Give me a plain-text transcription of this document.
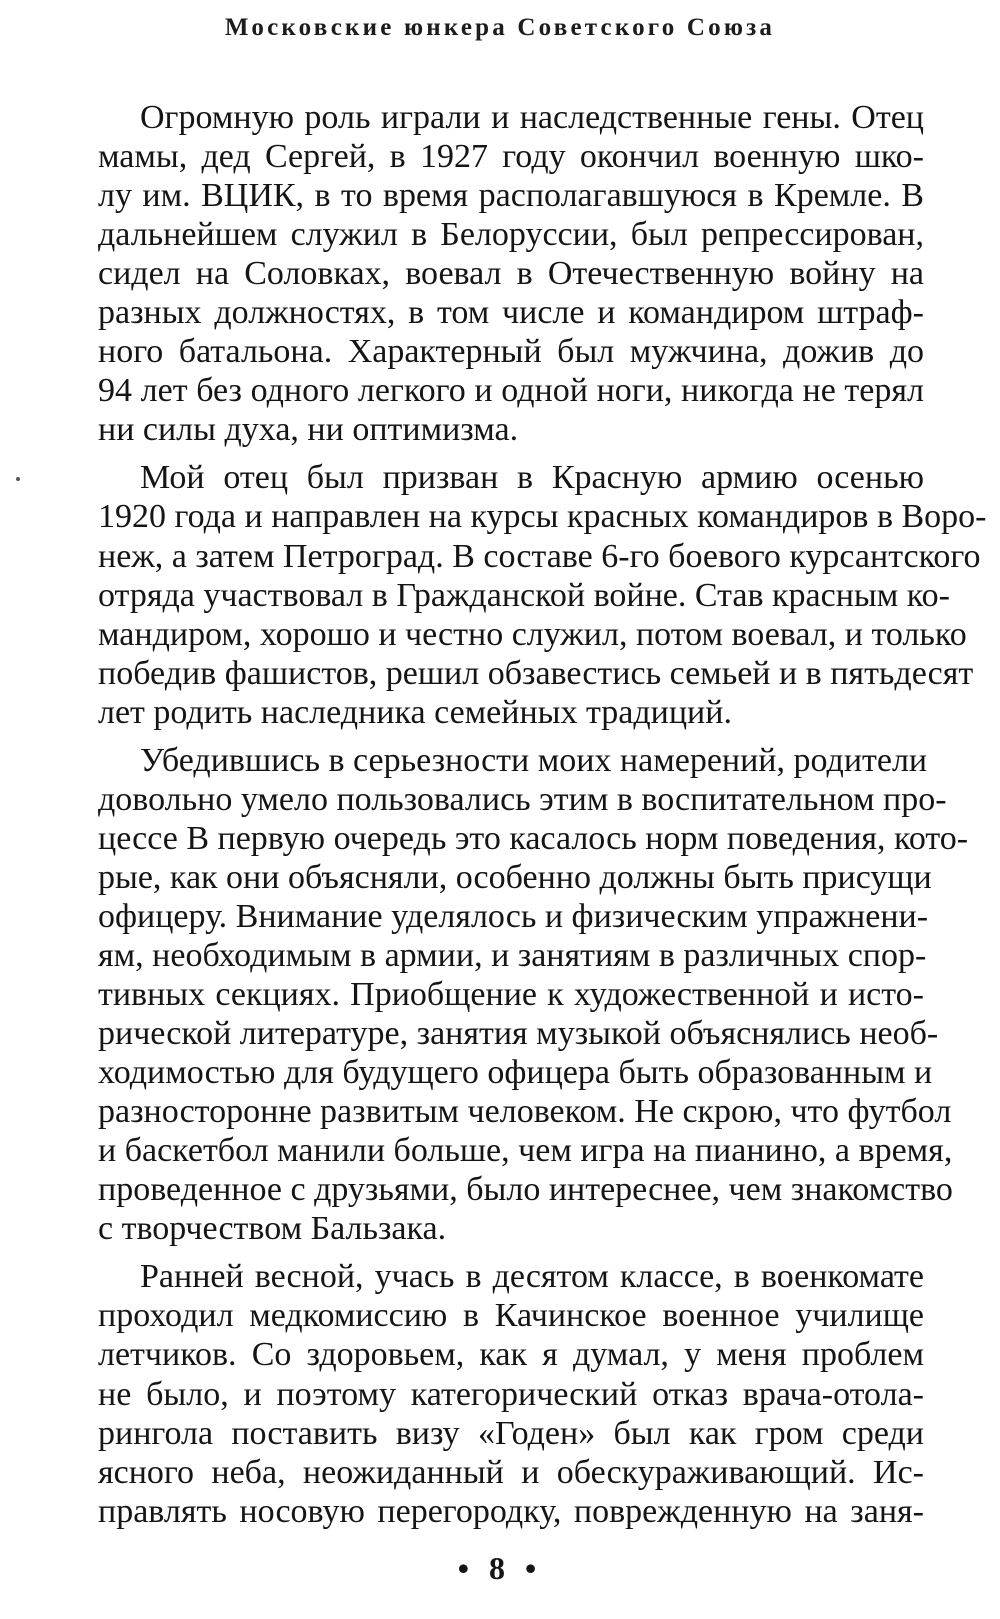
Московские юнкера Советского Союза

Огромную роль играли и наследственные гены. Отец
мамы, дед Сергей, в 1927 году окончил военную шко-
лу им. ВЦИК, в то время располагавшуюся в Кремле. В
дальнейшем служил в Белоруссии, был репрессирован,
сидел на Соловках, воевал в Отечественную войну на
разных должностях, в том числе и командиром штраф-
ного батальона. Характерный был мужчина, дожив до
94 лет без одного легкого и одной ноги, никогда не терял
ни силы духа, ни оптимизма.

Мой отец был призван в Красную армию осенью
1920 года и направлен на курсы красных командиров в Воро-
неж, а затем Петроград. В составе 6-го боевого курсантского
отряда участвовал в Гражданской войне. Став красным ко-
мандиром, хорошо и честно служил, потом воевал, и только
победив фашистов, решил обзавестись семьей и в пятьдесят
лет родить наследника семейных традиций.

Убедившись в серьезности моих намерений, родители
довольно умело пользовались этим в воспитательном про-
цессе В первую очередь это касалось норм поведения, кото-
рые, как они объясняли, особенно должны быть присущи
офицеру. Внимание уделялось и физическим упражнени-
ям, необходимым в армии, и занятиям в различных спор-
тивных секциях. Приобщение к художественной и исто-
рической литературе, занятия музыкой объяснялись необ-
ходимостью для будущего офицера быть образованным и
разносторонне развитым человеком. Не скрою, что футбол
и баскетбол манили больше, чем игра на пианино, а время,
проведенное с друзьями, было интереснее, чем знакомство
с творчеством Бальзака.

Ранней весной, учась в десятом классе, в военкомате
проходил медкомиссию в Качинское военное училище
летчиков. Со здоровьем, как я думал, у меня проблем
не было, и поэтому категорический отказ врача-отола-
рингола поставить визу «Годен» был как гром среди
ясного неба, неожиданный и обескураживающий. Ис-
правлять носовую перегородку, поврежденную на заня-

• 8 •
